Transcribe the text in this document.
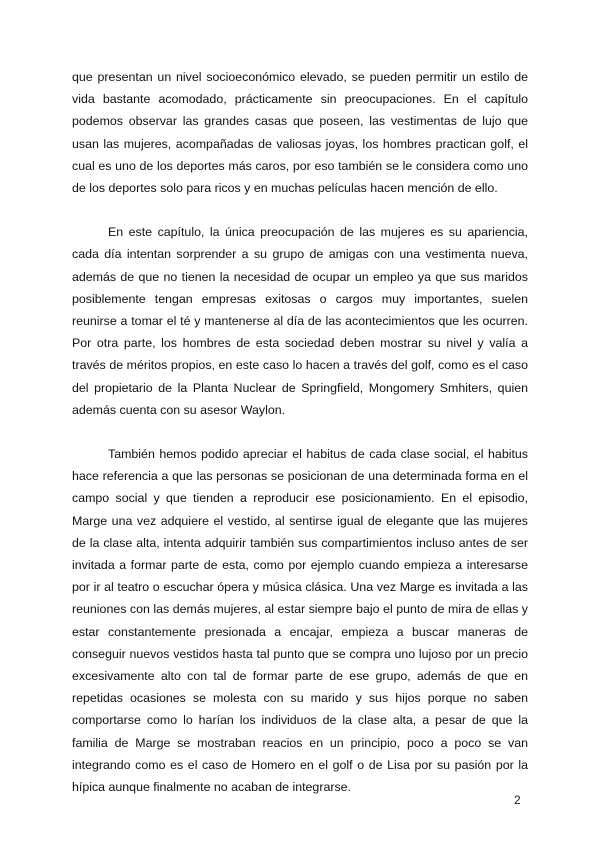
que presentan un nivel socioeconómico elevado, se pueden permitir un estilo de vida bastante acomodado, prácticamente sin preocupaciones. En el capítulo podemos observar las grandes casas que poseen, las vestimentas de lujo que usan las mujeres, acompañadas de valiosas joyas, los hombres practican golf, el cual es uno de los deportes más caros, por eso también se le considera como uno de los deportes solo para ricos y en muchas películas hacen mención de ello.

En este capítulo, la única preocupación de las mujeres es su apariencia, cada día intentan sorprender a su grupo de amigas con una vestimenta nueva, además de que no tienen la necesidad de ocupar un empleo ya que sus maridos posiblemente tengan empresas exitosas o cargos muy importantes, suelen reunirse a tomar el té y mantenerse al día de las acontecimientos que les ocurren. Por otra parte, los hombres de esta sociedad deben mostrar su nivel y valía a través de méritos propios, en este caso lo hacen a través del golf, como es el caso del propietario de la Planta Nuclear de Springfield, Mongomery Smhiters, quien además cuenta con su asesor Waylon.

También hemos podido apreciar el habitus de cada clase social, el habitus hace referencia a que las personas se posicionan de una determinada forma en el campo social y que tienden a reproducir ese posicionamiento. En el episodio, Marge una vez adquiere el vestido, al sentirse igual de elegante que las mujeres de la clase alta, intenta adquirir también sus compartimientos incluso antes de ser invitada a formar parte de esta, como por ejemplo cuando empieza a interesarse por ir al teatro o escuchar ópera y música clásica. Una vez Marge es invitada a las reuniones con las demás mujeres, al estar siempre bajo el punto de mira de ellas y estar constantemente presionada a encajar, empieza a buscar maneras de conseguir nuevos vestidos hasta tal punto que se compra uno lujoso por un precio excesivamente alto con tal de formar parte de ese grupo, además de que en repetidas ocasiones se molesta con su marido y sus hijos porque no saben comportarse como lo harían los individuos de la clase alta, a pesar de que la familia de Marge se mostraban reacios en un principio, poco a poco se van integrando como es el caso de Homero en el golf o de Lisa por su pasión por la hípica aunque finalmente no acaban de integrarse.

2
